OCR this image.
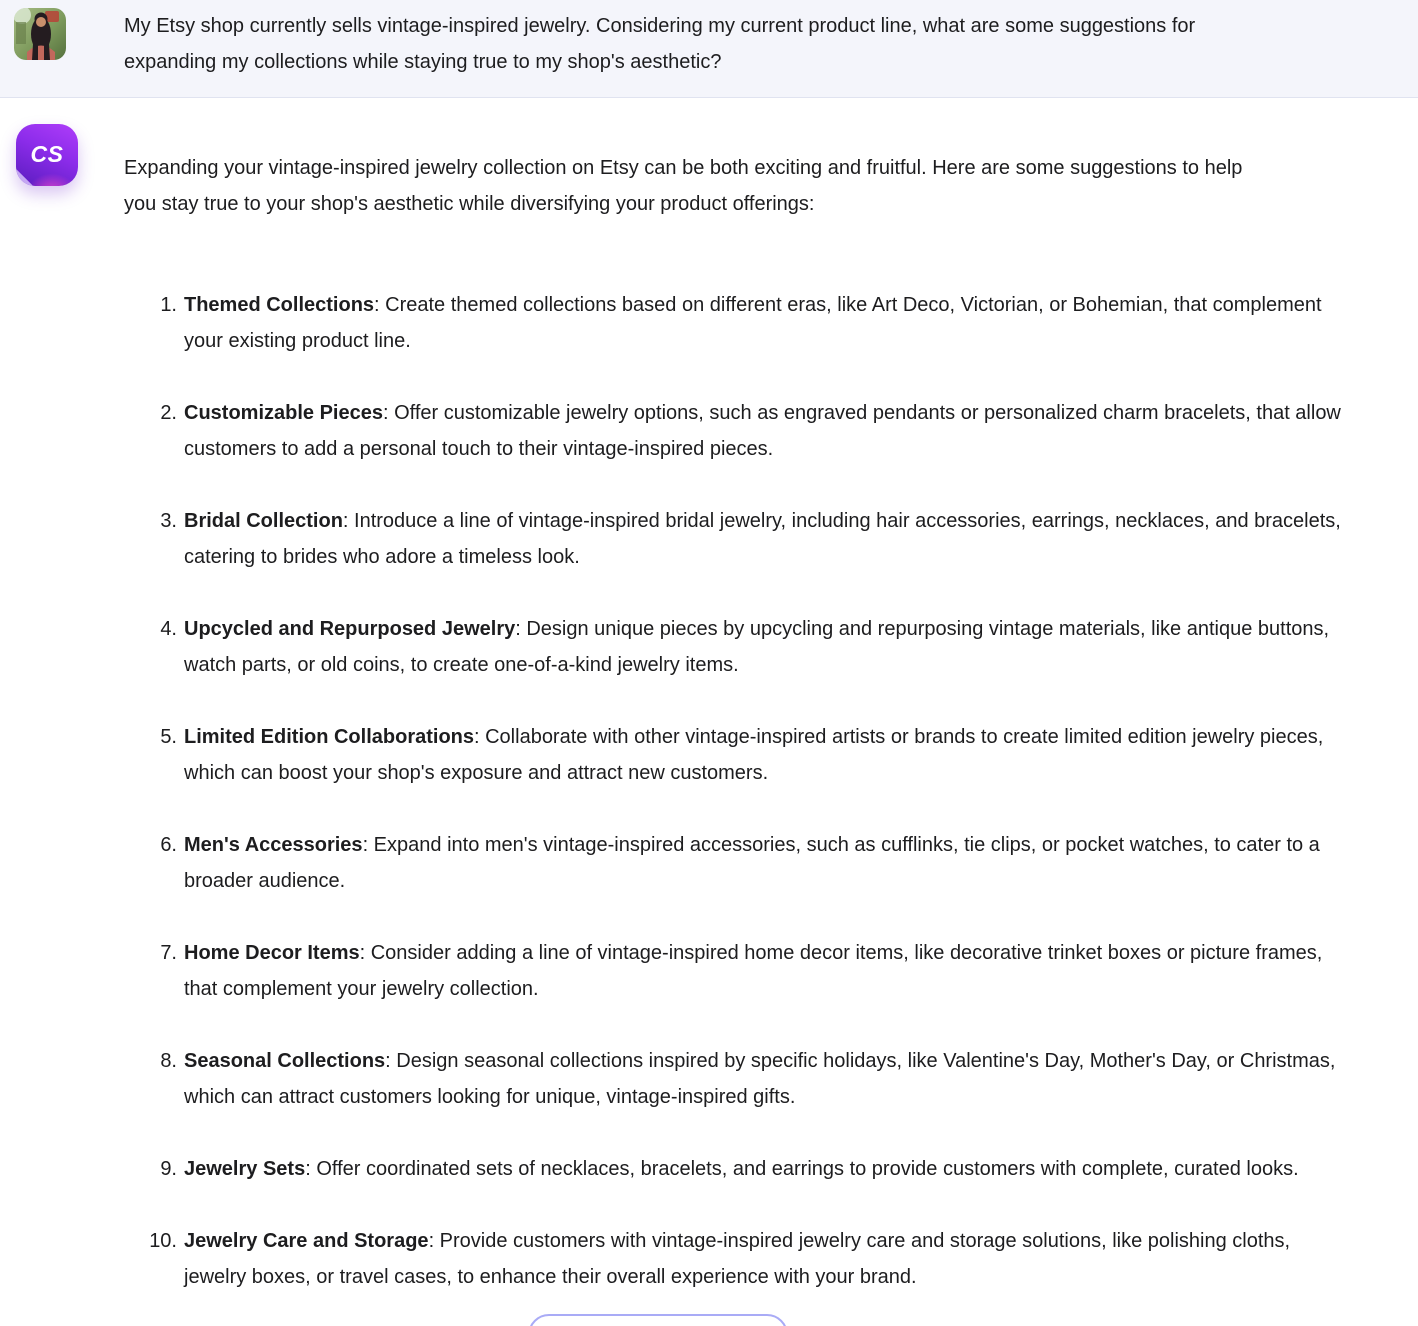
My Etsy shop currently sells vintage-inspired jewelry. Considering my current product line, what are some suggestions for expanding my collections while staying true to my shop's aesthetic?

CS

Expanding your vintage-inspired jewelry collection on Etsy can be both exciting and fruitful. Here are some suggestions to help you stay true to your shop's aesthetic while diversifying your product offerings:

1. Themed Collections: Create themed collections based on different eras, like Art Deco, Victorian, or Bohemian, that complement your existing product line.

2. Customizable Pieces: Offer customizable jewelry options, such as engraved pendants or personalized charm bracelets, that allow customers to add a personal touch to their vintage-inspired pieces.

3. Bridal Collection: Introduce a line of vintage-inspired bridal jewelry, including hair accessories, earrings, necklaces, and bracelets, catering to brides who adore a timeless look.

4. Upcycled and Repurposed Jewelry: Design unique pieces by upcycling and repurposing vintage materials, like antique buttons, watch parts, or old coins, to create one-of-a-kind jewelry items.

5. Limited Edition Collaborations: Collaborate with other vintage-inspired artists or brands to create limited edition jewelry pieces, which can boost your shop's exposure and attract new customers.

6. Men's Accessories: Expand into men's vintage-inspired accessories, such as cufflinks, tie clips, or pocket watches, to cater to a broader audience.

7. Home Decor Items: Consider adding a line of vintage-inspired home decor items, like decorative trinket boxes or picture frames, that complement your jewelry collection.

8. Seasonal Collections: Design seasonal collections inspired by specific holidays, like Valentine's Day, Mother's Day, or Christmas, which can attract customers looking for unique, vintage-inspired gifts.

9. Jewelry Sets: Offer coordinated sets of necklaces, bracelets, and earrings to provide customers with complete, curated looks.

10. Jewelry Care and Storage: Provide customers with vintage-inspired jewelry care and storage solutions, like polishing cloths, jewelry boxes, or travel cases, to enhance their overall experience with your brand.
